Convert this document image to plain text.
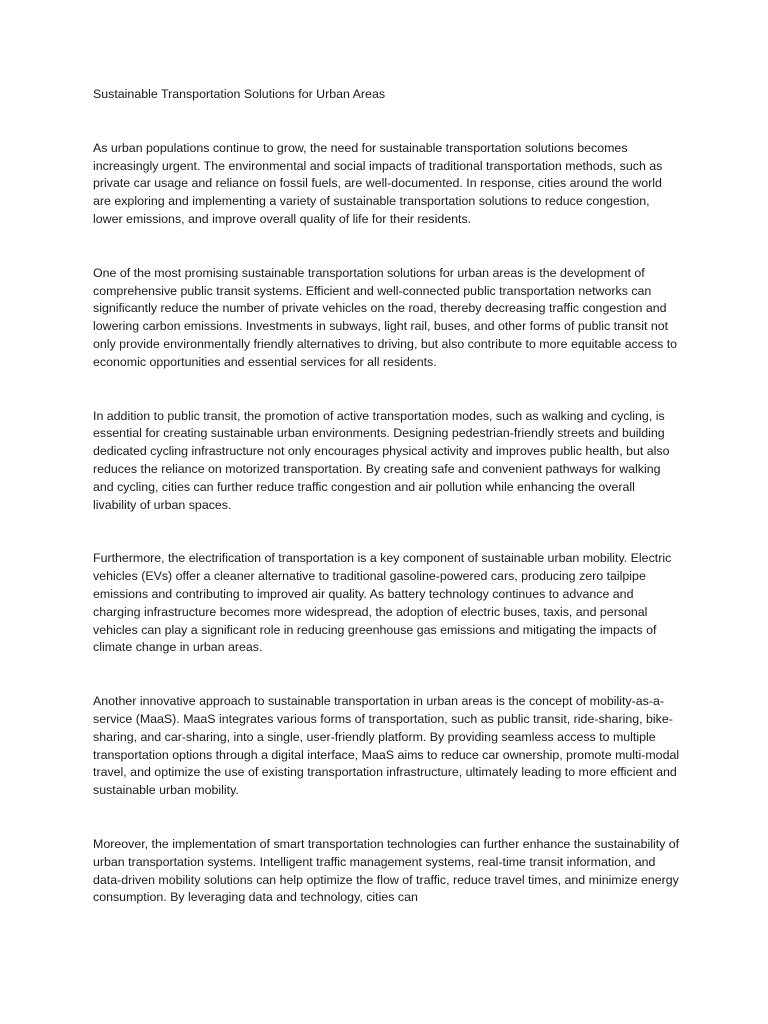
Sustainable Transportation Solutions for Urban Areas

As urban populations continue to grow, the need for sustainable transportation solutions becomes increasingly urgent. The environmental and social impacts of traditional transportation methods, such as private car usage and reliance on fossil fuels, are well-documented. In response, cities around the world are exploring and implementing a variety of sustainable transportation solutions to reduce congestion, lower emissions, and improve overall quality of life for their residents.

One of the most promising sustainable transportation solutions for urban areas is the development of comprehensive public transit systems. Efficient and well-connected public transportation networks can significantly reduce the number of private vehicles on the road, thereby decreasing traffic congestion and lowering carbon emissions. Investments in subways, light rail, buses, and other forms of public transit not only provide environmentally friendly alternatives to driving, but also contribute to more equitable access to economic opportunities and essential services for all residents.

In addition to public transit, the promotion of active transportation modes, such as walking and cycling, is essential for creating sustainable urban environments. Designing pedestrian-friendly streets and building dedicated cycling infrastructure not only encourages physical activity and improves public health, but also reduces the reliance on motorized transportation. By creating safe and convenient pathways for walking and cycling, cities can further reduce traffic congestion and air pollution while enhancing the overall livability of urban spaces.

Furthermore, the electrification of transportation is a key component of sustainable urban mobility. Electric vehicles (EVs) offer a cleaner alternative to traditional gasoline-powered cars, producing zero tailpipe emissions and contributing to improved air quality. As battery technology continues to advance and charging infrastructure becomes more widespread, the adoption of electric buses, taxis, and personal vehicles can play a significant role in reducing greenhouse gas emissions and mitigating the impacts of climate change in urban areas.

Another innovative approach to sustainable transportation in urban areas is the concept of mobility-as-a-service (MaaS). MaaS integrates various forms of transportation, such as public transit, ride-sharing, bike-sharing, and car-sharing, into a single, user-friendly platform. By providing seamless access to multiple transportation options through a digital interface, MaaS aims to reduce car ownership, promote multi-modal travel, and optimize the use of existing transportation infrastructure, ultimately leading to more efficient and sustainable urban mobility.

Moreover, the implementation of smart transportation technologies can further enhance the sustainability of urban transportation systems. Intelligent traffic management systems, real-time transit information, and data-driven mobility solutions can help optimize the flow of traffic, reduce travel times, and minimize energy consumption. By leveraging data and technology, cities can
